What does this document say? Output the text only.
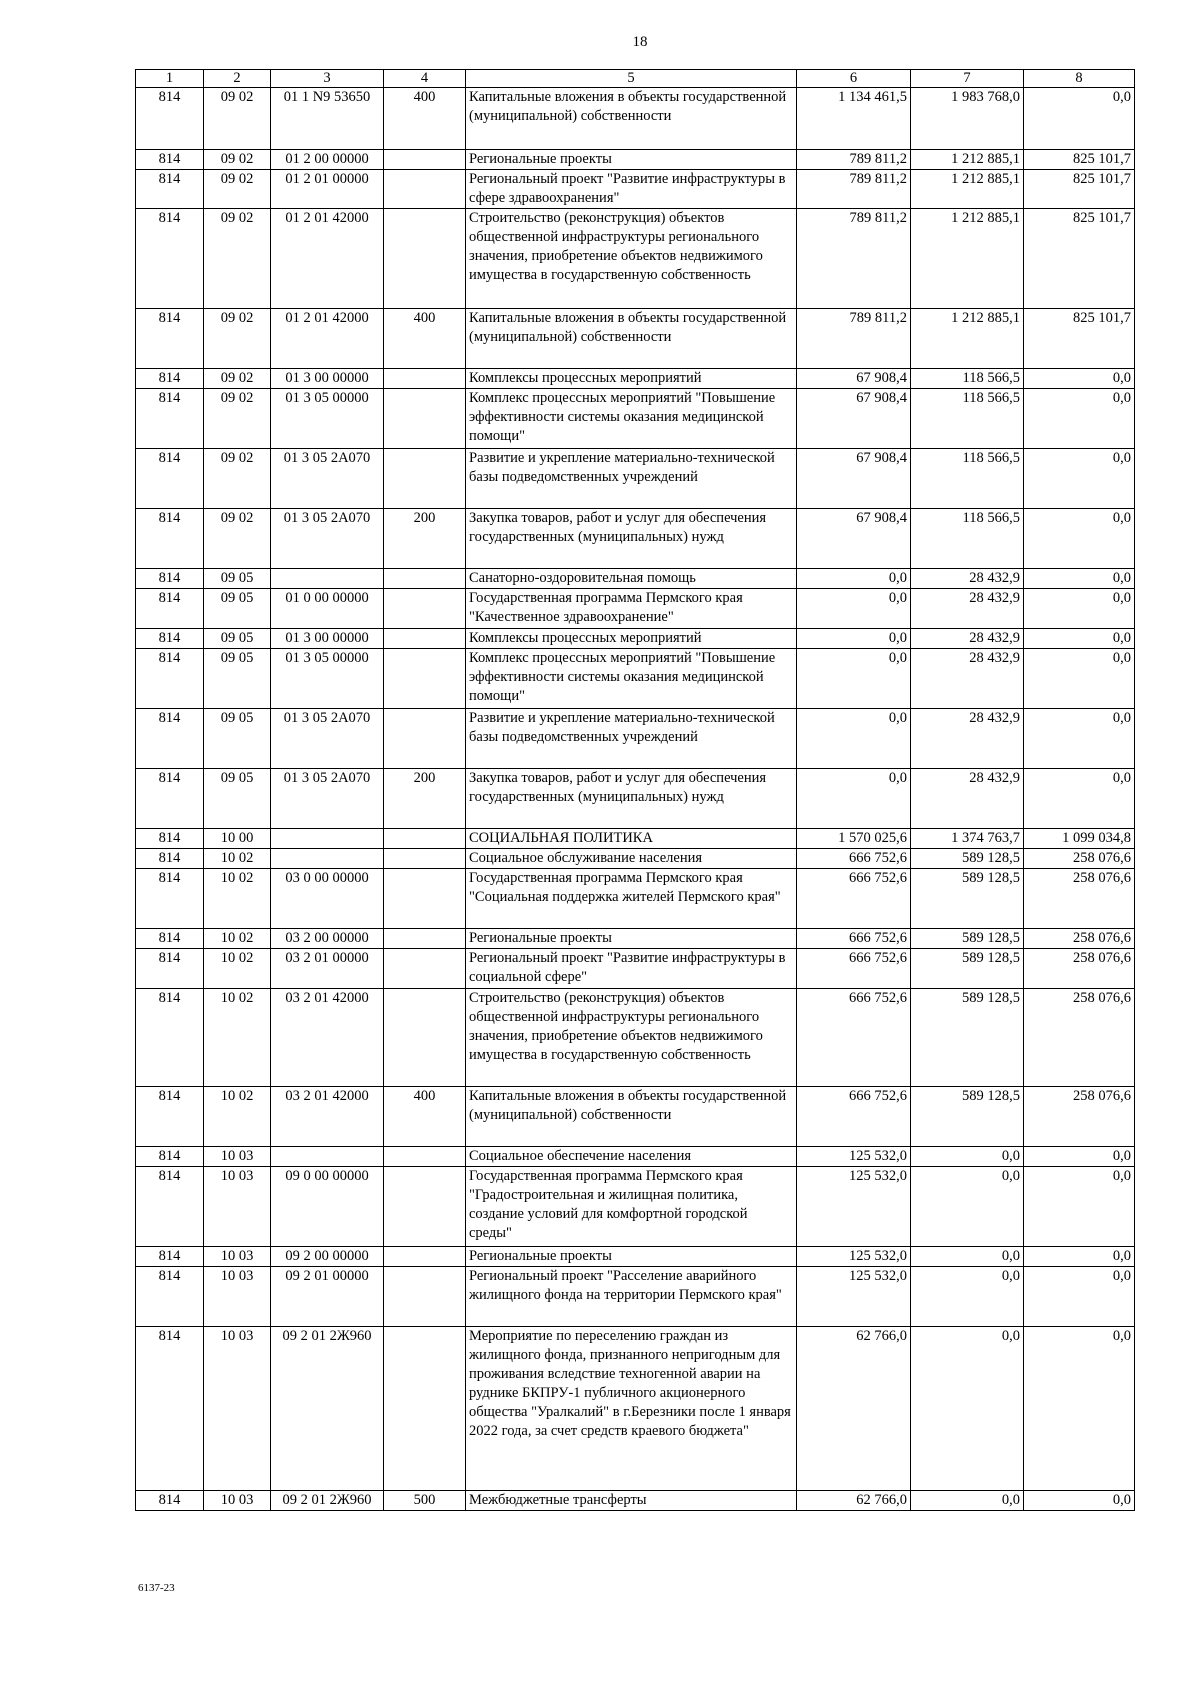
18
1	2	3	4	5	6	7	8
814	09 02	01 1 N9 53650	400	Капитальные вложения в объекты государственной (муниципальной) собственности	1 134 461,5	1 983 768,0	0,0
814	09 02	01 2 00 00000		Региональные проекты	789 811,2	1 212 885,1	825 101,7
814	09 02	01 2 01 00000		Региональный проект "Развитие инфраструктуры в сфере здравоохранения"	789 811,2	1 212 885,1	825 101,7
814	09 02	01 2 01 42000		Строительство (реконструкция) объектов общественной инфраструктуры регионального значения, приобретение объектов недвижимого имущества в государственную собственность	789 811,2	1 212 885,1	825 101,7
814	09 02	01 2 01 42000	400	Капитальные вложения в объекты государственной (муниципальной) собственности	789 811,2	1 212 885,1	825 101,7
814	09 02	01 3 00 00000		Комплексы процессных мероприятий	67 908,4	118 566,5	0,0
814	09 02	01 3 05 00000		Комплекс процессных мероприятий "Повышение эффективности системы оказания медицинской помощи"	67 908,4	118 566,5	0,0
814	09 02	01 3 05 2A070		Развитие и укрепление материально-технической базы подведомственных учреждений	67 908,4	118 566,5	0,0
814	09 02	01 3 05 2A070	200	Закупка товаров, работ и услуг для обеспечения государственных (муниципальных) нужд	67 908,4	118 566,5	0,0
814	09 05			Санаторно-оздоровительная помощь	0,0	28 432,9	0,0
814	09 05	01 0 00 00000		Государственная программа Пермского края "Качественное здравоохранение"	0,0	28 432,9	0,0
814	09 05	01 3 00 00000		Комплексы процессных мероприятий	0,0	28 432,9	0,0
814	09 05	01 3 05 00000		Комплекс процессных мероприятий "Повышение эффективности системы оказания медицинской помощи"	0,0	28 432,9	0,0
814	09 05	01 3 05 2A070		Развитие и укрепление материально-технической базы подведомственных учреждений	0,0	28 432,9	0,0
814	09 05	01 3 05 2A070	200	Закупка товаров, работ и услуг для обеспечения государственных (муниципальных) нужд	0,0	28 432,9	0,0
814	10 00			СОЦИАЛЬНАЯ ПОЛИТИКА	1 570 025,6	1 374 763,7	1 099 034,8
814	10 02			Социальное обслуживание населения	666 752,6	589 128,5	258 076,6
814	10 02	03 0 00 00000		Государственная программа Пермского края "Социальная поддержка жителей Пермского края"	666 752,6	589 128,5	258 076,6
814	10 02	03 2 00 00000		Региональные проекты	666 752,6	589 128,5	258 076,6
814	10 02	03 2 01 00000		Региональный проект "Развитие инфраструктуры в социальной сфере"	666 752,6	589 128,5	258 076,6
814	10 02	03 2 01 42000		Строительство (реконструкция) объектов общественной инфраструктуры регионального значения, приобретение объектов недвижимого имущества в государственную собственность	666 752,6	589 128,5	258 076,6
814	10 02	03 2 01 42000	400	Капитальные вложения в объекты государственной (муниципальной) собственности	666 752,6	589 128,5	258 076,6
814	10 03			Социальное обеспечение населения	125 532,0	0,0	0,0
814	10 03	09 0 00 00000		Государственная программа Пермского края "Градостроительная и жилищная политика, создание условий для комфортной городской среды"	125 532,0	0,0	0,0
814	10 03	09 2 00 00000		Региональные проекты	125 532,0	0,0	0,0
814	10 03	09 2 01 00000		Региональный проект "Расселение аварийного жилищного фонда на территории Пермского края"	125 532,0	0,0	0,0
814	10 03	09 2 01 2Ж960		Мероприятие по переселению граждан из жилищного фонда, признанного непригодным для проживания вследствие техногенной аварии на руднике БКПРУ-1 публичного акционерного общества "Уралкалий" в г.Березники после 1 января 2022 года, за счет средств краевого бюджета"	62 766,0	0,0	0,0
814	10 03	09 2 01 2Ж960	500	Межбюджетные трансферты	62 766,0	0,0	0,0
6137-23
